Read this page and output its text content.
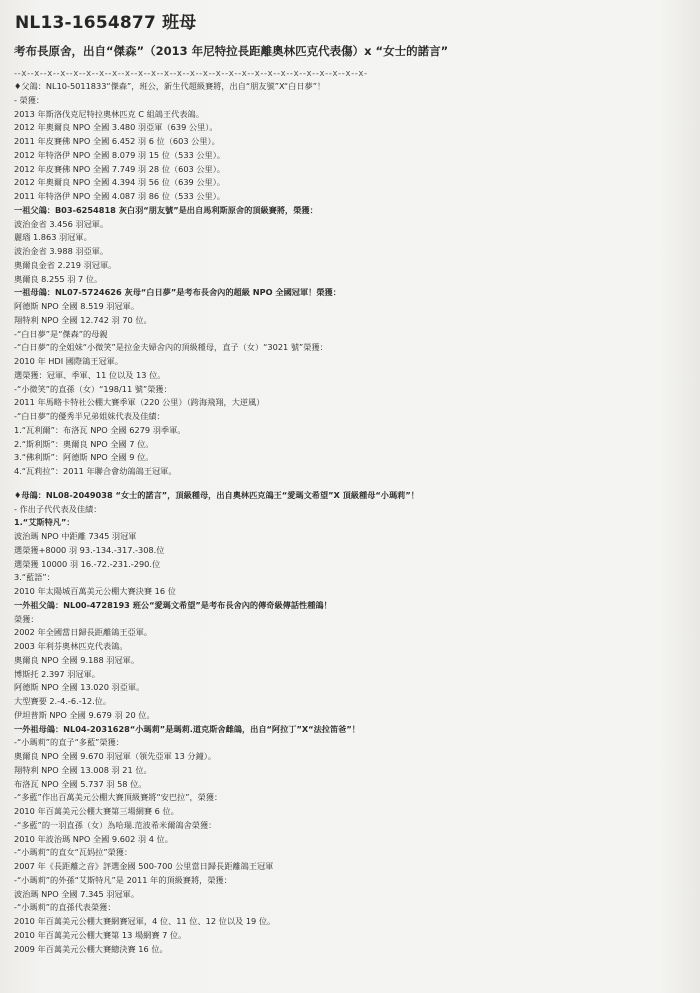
NL13-1654877 班母
考布長原舍，出自“傑森”（2013 年尼特拉長距離奧林匹克代表傷）x “女士的諾言”
--x--x--x--x--x--x--x--x--x--x--x--x--x--x--x--x--x--x--x--x--x--x--x--x--x--x--x-
♦父鴿：NL10-5011833“傑森”，班公，新生代超級賽將，出自“朋友號”X“白日夢”！
- 榮獲：
2013 年斯洛伐克尼特拉奧林匹克 C 組鴿王代表鴿。
2012 年奧爾良 NPO 全國 3.480 羽亞軍（639 公里）。
2011 年皮賽佛 NPO 全國 6.452 羽 6 位（603 公里）。
2012 年特洛伊 NPO 全國 8.079 羽 15 位（533 公里）。
2012 年皮賽佛 NPO 全國 7.749 羽 28 位（603 公里）。
2012 年奧爾良 NPO 全國 4.394 羽 56 位（639 公里）。
2011 年特洛伊 NPO 全國 4.087 羽 86 位（533 公里）。
一祖父鴿：B03-6254818 灰白羽“朋友號”是出自馬利斯原舍的頂級賽將，榮獲：
波治金省 3.456 羽冠軍。
麗瑙 1.863 羽冠軍。
波治金省 3.988 羽亞軍。
奧爾良金省 2.219 羽冠軍。
奧爾良 8.255 羽 7 位。
一祖母鴿：NL07-5724626 灰母“白日夢”是考布長舍內的超級 NPO 全國冠軍！榮獲：
阿德斯 NPO 全國 8.519 羽冠軍。
翔特利 NPO 全國 12.742 羽 70 位。
-“白日夢”是“傑森”的母親
-“白日夢”的全姐妹“小微笑”是拉金夫婦舍內的頂級種母，直子（女）“3021 號”榮獲：
2010 年 HDI 國際鴿王冠軍。
選榮獲：冠軍、季軍、11 位以及 13 位。
-“小微笑”的直孫（女）“198/11 號”榮獲：
2011 年馬略卡特社公棚大賽季軍（220 公里）（跨海飛翔，大逆風）
-“白日夢”的優秀半兄弟姐妹代表及佳績：
1.“瓦利爾”：布洛瓦 NPO 全國 6279 羽季軍。
2.“斯利斯”：奧爾良 NPO 全國 7 位。
3.“佛利斯”：阿德斯 NPO 全國 9 位。
4.“瓦莉拉”：2011 年聯合會幼鴿鴿王冠軍。
♦母鴿：NL08-2049038 “女士的諾言”，頂級種母，出自奧林匹克鴿王“愛瑪文希望”X 頂級種母“小瑪莉”！
- 作出子代代表及佳績：
1.“艾斯特凡”：
波治瑪 NPO 中距離 7345 羽冠軍
選榮獲+8000 羽 93.-134.-317.-308.位
選榮獲 10000 羽 16.-72.-231.-290.位
3.“藍語”：
2010 年太陽城百萬美元公棚大賽決賽 16 位
一外祖父鴿：NL00-4728193 班公“愛瑪文希望”是考布長舍內的傳奇級傳話性種鴿！
榮獲：
2002 年全國當日歸長距離鴿王亞軍。
2003 年利芬奧林匹克代表鴿。
奧爾良 NPO 全國 9.188 羽冠軍。
博斯托 2.397 羽冠軍。
阿德斯 NPO 全國 13.020 羽亞軍。
大型賽要 2.-4.-6.-12.位。
伊坦普斯 NPO 全國 9.679 羽 20 位。
一外祖母鴿：NL04-2031628“小瑪莉”是瑪莉.道克斯舍雌鴿，出自“阿拉丁”X“法拉笛爸”！
-“小瑪莉”的直子“多藍”榮獲：
奧爾良 NPO 全國 9.670 羽冠軍（領先亞軍 13 分鐘）。
翔特利 NPO 全國 13.008 羽 21 位。
布洛瓦 NPO 全國 5.737 羽 58 位。
-“多藍”作出百萬美元公棚大賽頂級賽將“安巴拉”，榮獲：
2010 年百萬美元公棚大賽第三場網賽 6 位。
-“多藍”的一羽直孫（女）為哈瑞.范波希米爾鴿舍榮獲：
2010 年波治瑪 NPO 全國 9.602 羽 4 位。
-“小瑪莉”的直女“瓦妈拉”榮獲：
2007 年《長距離之音》評選金國 500-700 公里當日歸長距離鴿王冠軍
-“小瑪莉”的外孫“艾斯特凡”是 2011 年的頂級賽將，榮獲：
波治瑪 NPO 全國 7.345 羽冠軍。
-“小瑪莉”的直孫代表榮獲：
2010 年百萬美元公棚大賽網賽冠軍，4 位、11 位、12 位以及 19 位。
2010 年百萬美元公棚大賽第 13 場網賽 7 位。
2009 年百萬美元公棚大賽總決賽 16 位。
